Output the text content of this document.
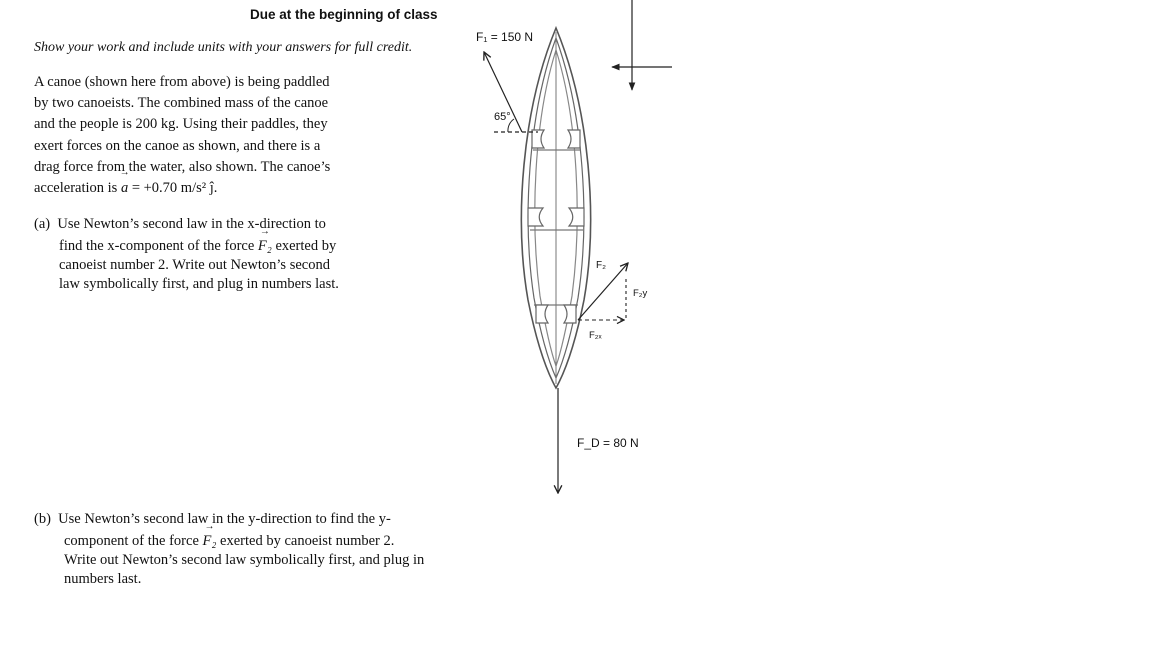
Due at the beginning of class
Show your work and include units with your answers for full credit.
A canoe (shown here from above) is being paddled
by two canoeists. The combined mass of the canoe
and the people is 200 kg. Using their paddles, they
exert forces on the canoe as shown, and there is a
drag force from the water, also shown. The canoe’s
acceleration is → a = +0.70 m/s² ĵ.
(a) Use Newton’s second law in the x-direction to
find the x-component of the force → F₂ exerted by
canoeist number 2. Write out Newton’s second
law symbolically first, and plug in numbers last.
(b) Use Newton’s second law in the y-direction to find the y-
component of the force → F₂ exerted by canoeist number 2.
Write out Newton’s second law symbolically first, and plug in
numbers last.
65°
F₁ = 150 N
F₂
F₂ₓ
F₂y
F_D = 80 N
